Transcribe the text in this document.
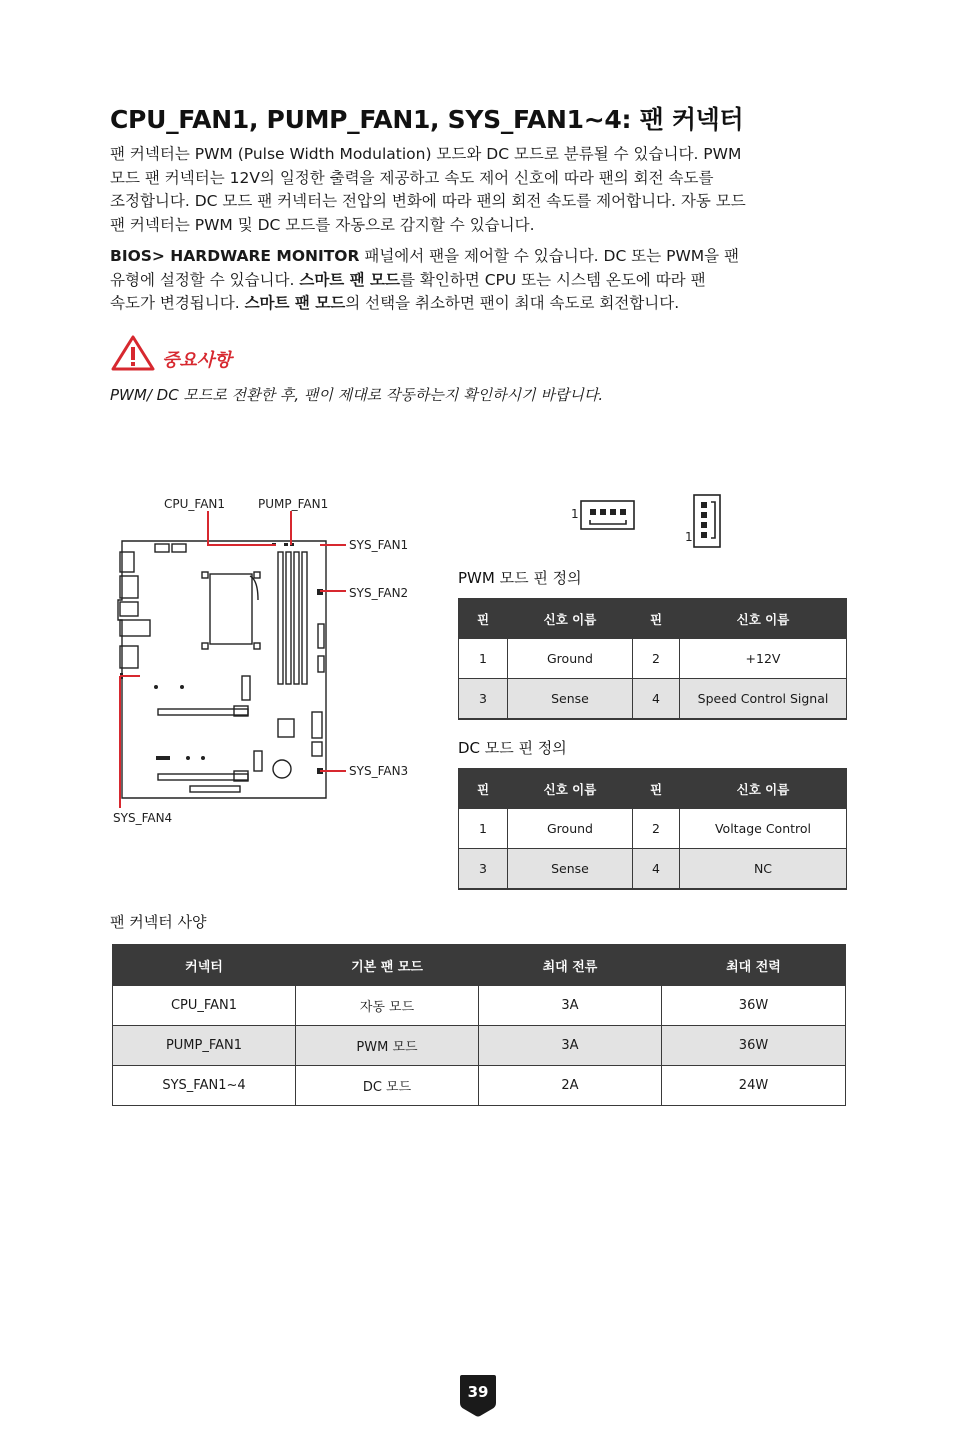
CPU_FAN1, PUMP_FAN1, SYS_FAN1~4: 팬 커넥터

팬 커넥터는 PWM (Pulse Width Modulation) 모드와 DC 모드로 분류될 수 있습니다. PWM
모드 팬 커넥터는 12V의 일정한 출력을 제공하고 속도 제어 신호에 따라 팬의 회전 속도를
조정합니다. DC 모드 팬 커넥터는 전압의 변화에 따라 팬의 회전 속도를 제어합니다. 자동 모드
팬 커넥터는 PWM 및 DC 모드를 자동으로 감지할 수 있습니다.

BIOS> HARDWARE MONITOR 패널에서 팬을 제어할 수 있습니다. DC 또는 PWM을 팬
유형에 설정할 수 있습니다. 스마트 팬 모드를 확인하면 CPU 또는 시스템 온도에 따라 팬
속도가 변경됩니다. 스마트 팬 모드의 선택을 취소하면 팬이 최대 속도로 회전합니다.

중요사항
PWM/ DC 모드로 전환한 후, 팬이 제대로 작동하는지 확인하시기 바랍니다.
CPU_FAN1	PUMP_FAN1
SYS_FAN1
SYS_FAN2
SYS_FAN3
SYS_FAN4
1
1
PWM 모드 핀 정의
핀	신호 이름	핀	신호 이름
1	Ground	2	+12V
3	Sense	4	Speed Control Signal
DC 모드 핀 정의
핀	신호 이름	핀	신호 이름
1	Ground	2	Voltage Control
3	Sense	4	NC
팬 커넥터 사양
커넥터	기본 팬 모드	최대 전류	최대 전력
CPU_FAN1	자동 모드	3A	36W
PUMP_FAN1	PWM 모드	3A	36W
SYS_FAN1~4	DC 모드	2A	24W
39
